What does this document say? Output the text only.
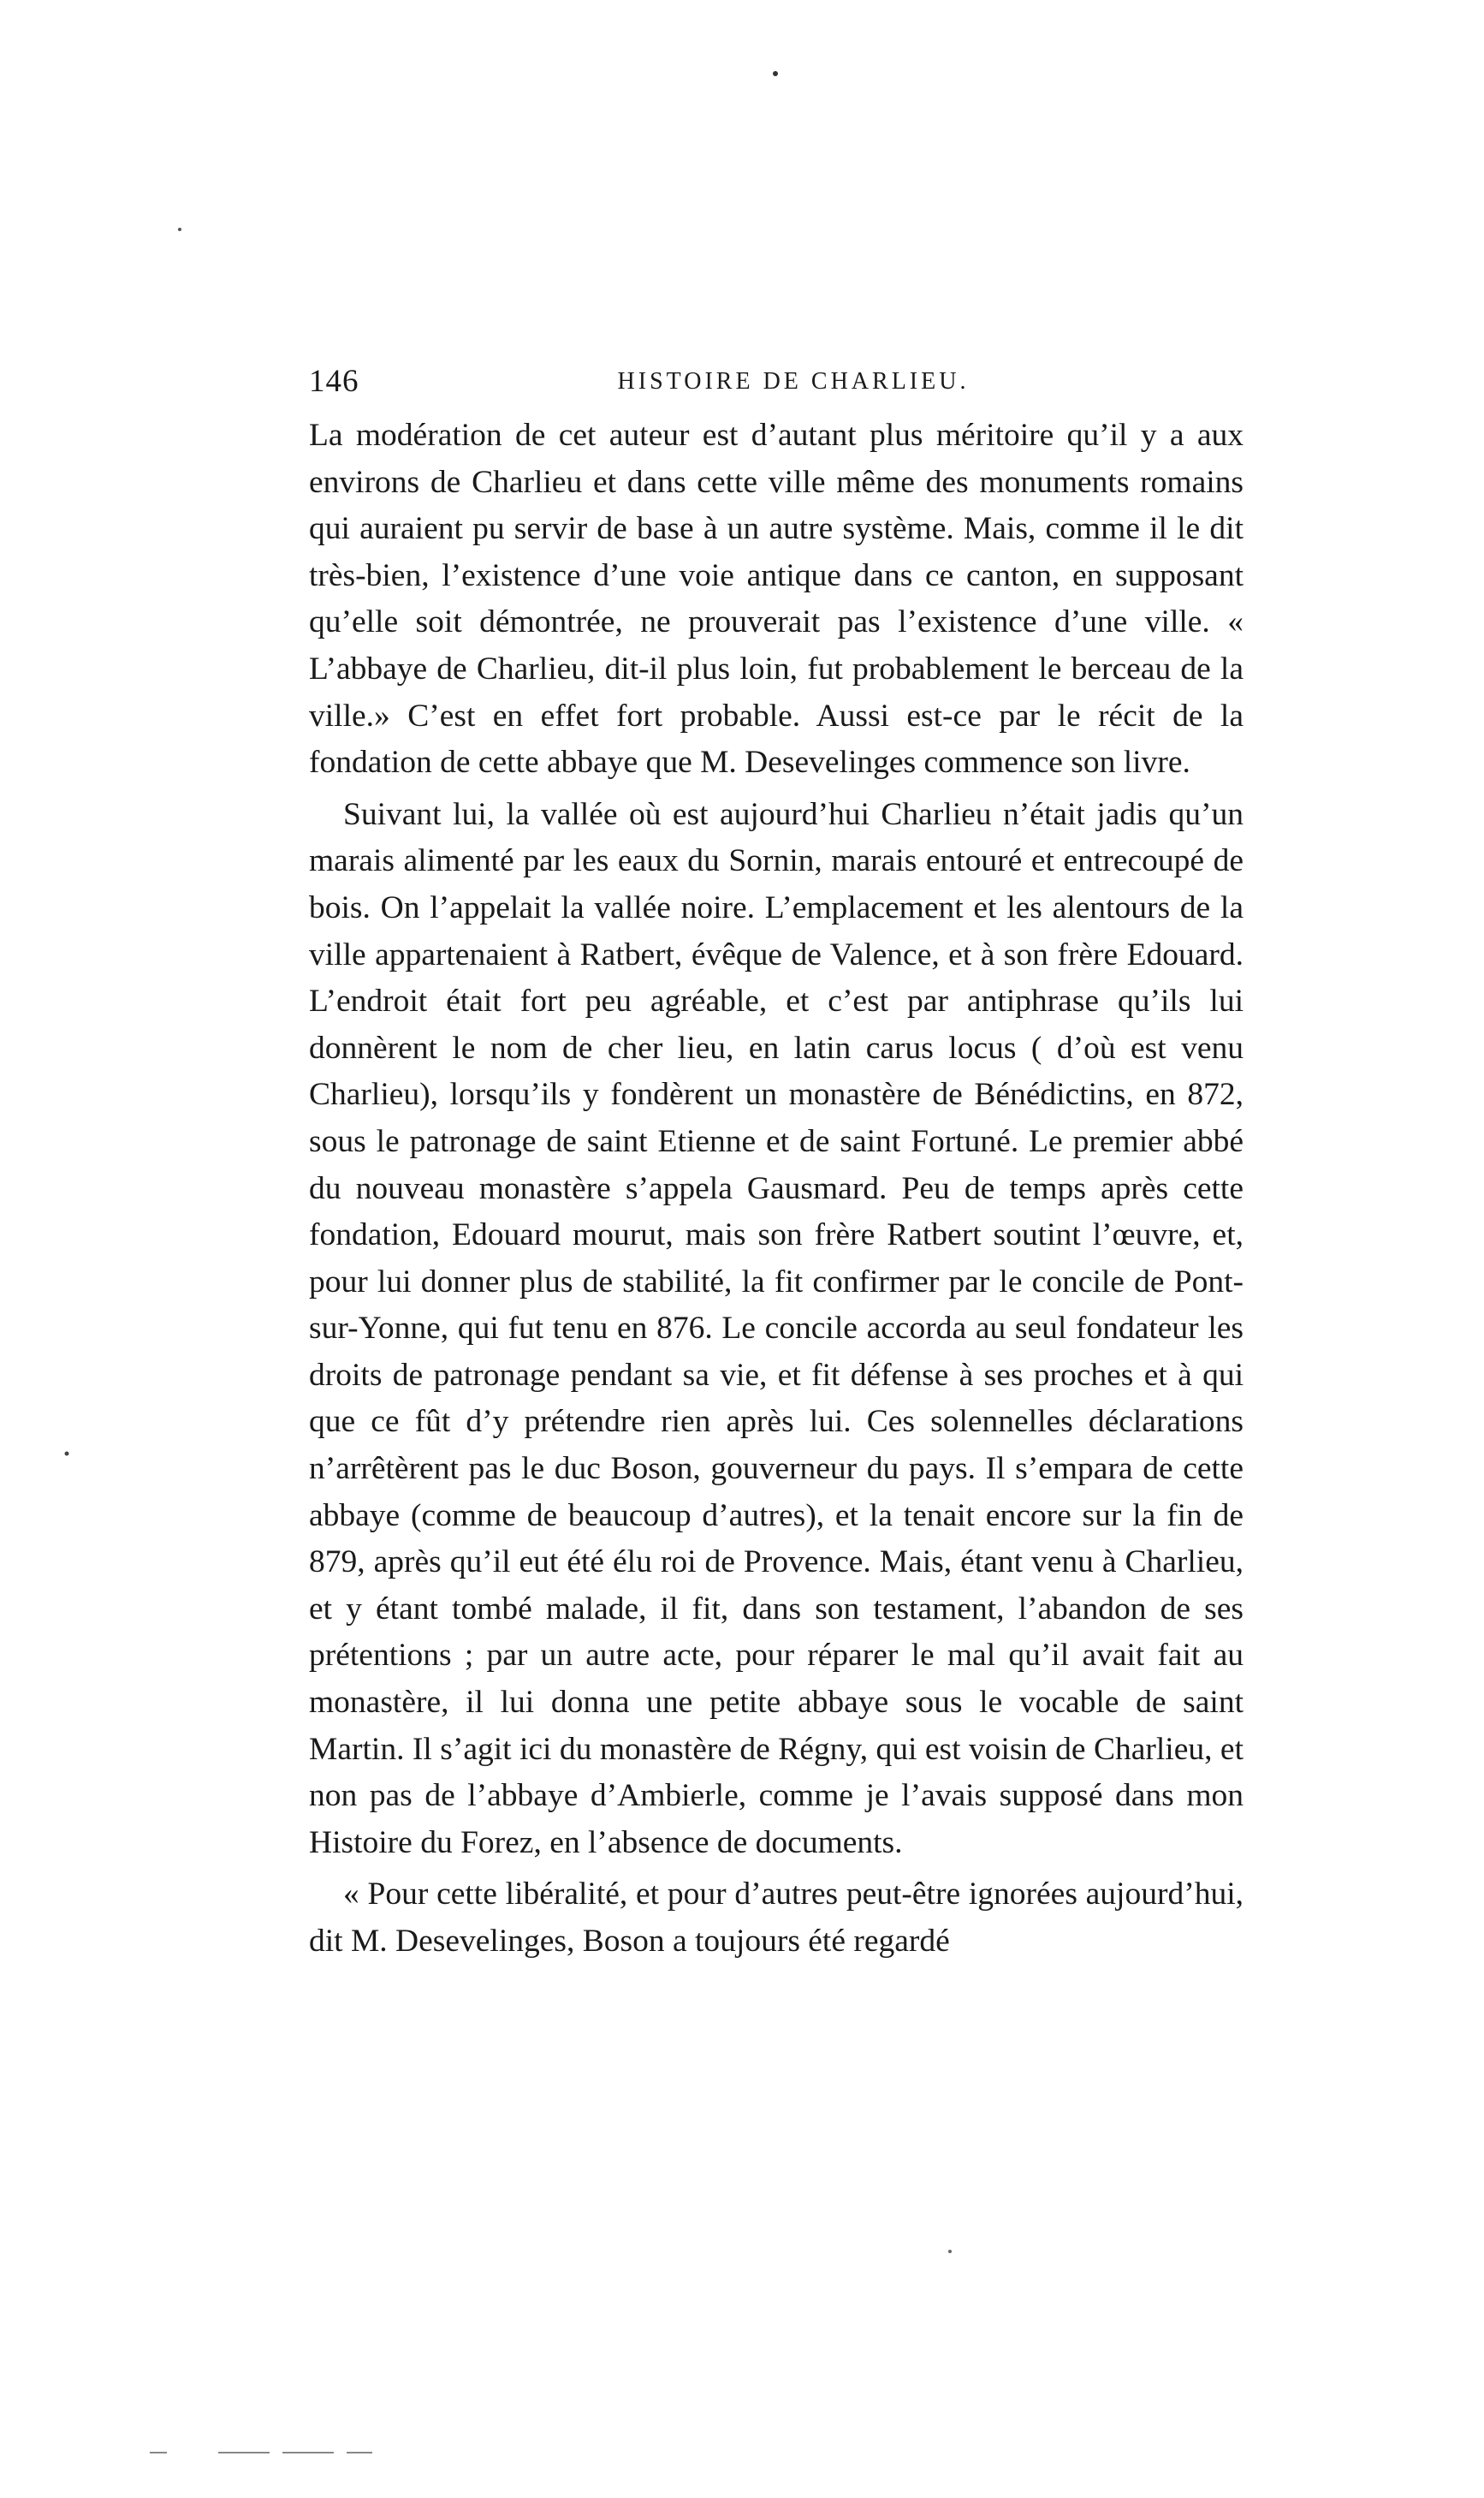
146	HISTOIRE DE CHARLIEU.

La modération de cet auteur est d’autant plus méritoire qu’il y a aux environs de Charlieu et dans cette ville même des monuments romains qui auraient pu servir de base à un autre système. Mais, comme il le dit très-bien, l’existence d’une voie antique dans ce canton, en supposant qu’elle soit démontrée, ne prouverait pas l’existence d’une ville. « L’abbaye de Charlieu, dit-il plus loin, fut probablement le berceau de la ville.» C’est en effet fort probable. Aussi est-ce par le récit de la fondation de cette abbaye que M. Desevelinges commence son livre.

Suivant lui, la vallée où est aujourd’hui Charlieu n’était jadis qu’un marais alimenté par les eaux du Sornin, marais entouré et entrecoupé de bois. On l’appelait la vallée noire. L’emplacement et les alentours de la ville appartenaient à Ratbert, évêque de Valence, et à son frère Edouard. L’endroit était fort peu agréable, et c’est par antiphrase qu’ils lui donnèrent le nom de cher lieu, en latin carus locus ( d’où est venu Charlieu), lorsqu’ils y fondèrent un monastère de Bénédictins, en 872, sous le patronage de saint Etienne et de saint Fortuné. Le premier abbé du nouveau monastère s’appela Gausmard. Peu de temps après cette fondation, Edouard mourut, mais son frère Ratbert soutint l’œuvre, et, pour lui donner plus de stabilité, la fit confirmer par le concile de Pont-sur-Yonne, qui fut tenu en 876. Le concile accorda au seul fondateur les droits de patronage pendant sa vie, et fit défense à ses proches et à qui que ce fût d’y prétendre rien après lui. Ces solennelles déclarations n’arrêtèrent pas le duc Boson, gouverneur du pays. Il s’empara de cette abbaye (comme de beaucoup d’autres), et la tenait encore sur la fin de 879, après qu’il eut été élu roi de Provence. Mais, étant venu à Charlieu, et y étant tombé malade, il fit, dans son testament, l’abandon de ses prétentions ; par un autre acte, pour réparer le mal qu’il avait fait au monastère, il lui donna une petite abbaye sous le vocable de saint Martin. Il s’agit ici du monastère de Régny, qui est voisin de Charlieu, et non pas de l’abbaye d’Ambierle, comme je l’avais supposé dans mon Histoire du Forez, en l’absence de documents.

« Pour cette libéralité, et pour d’autres peut-être ignorées aujourd’hui, dit M. Desevelinges, Boson a toujours été regardé
